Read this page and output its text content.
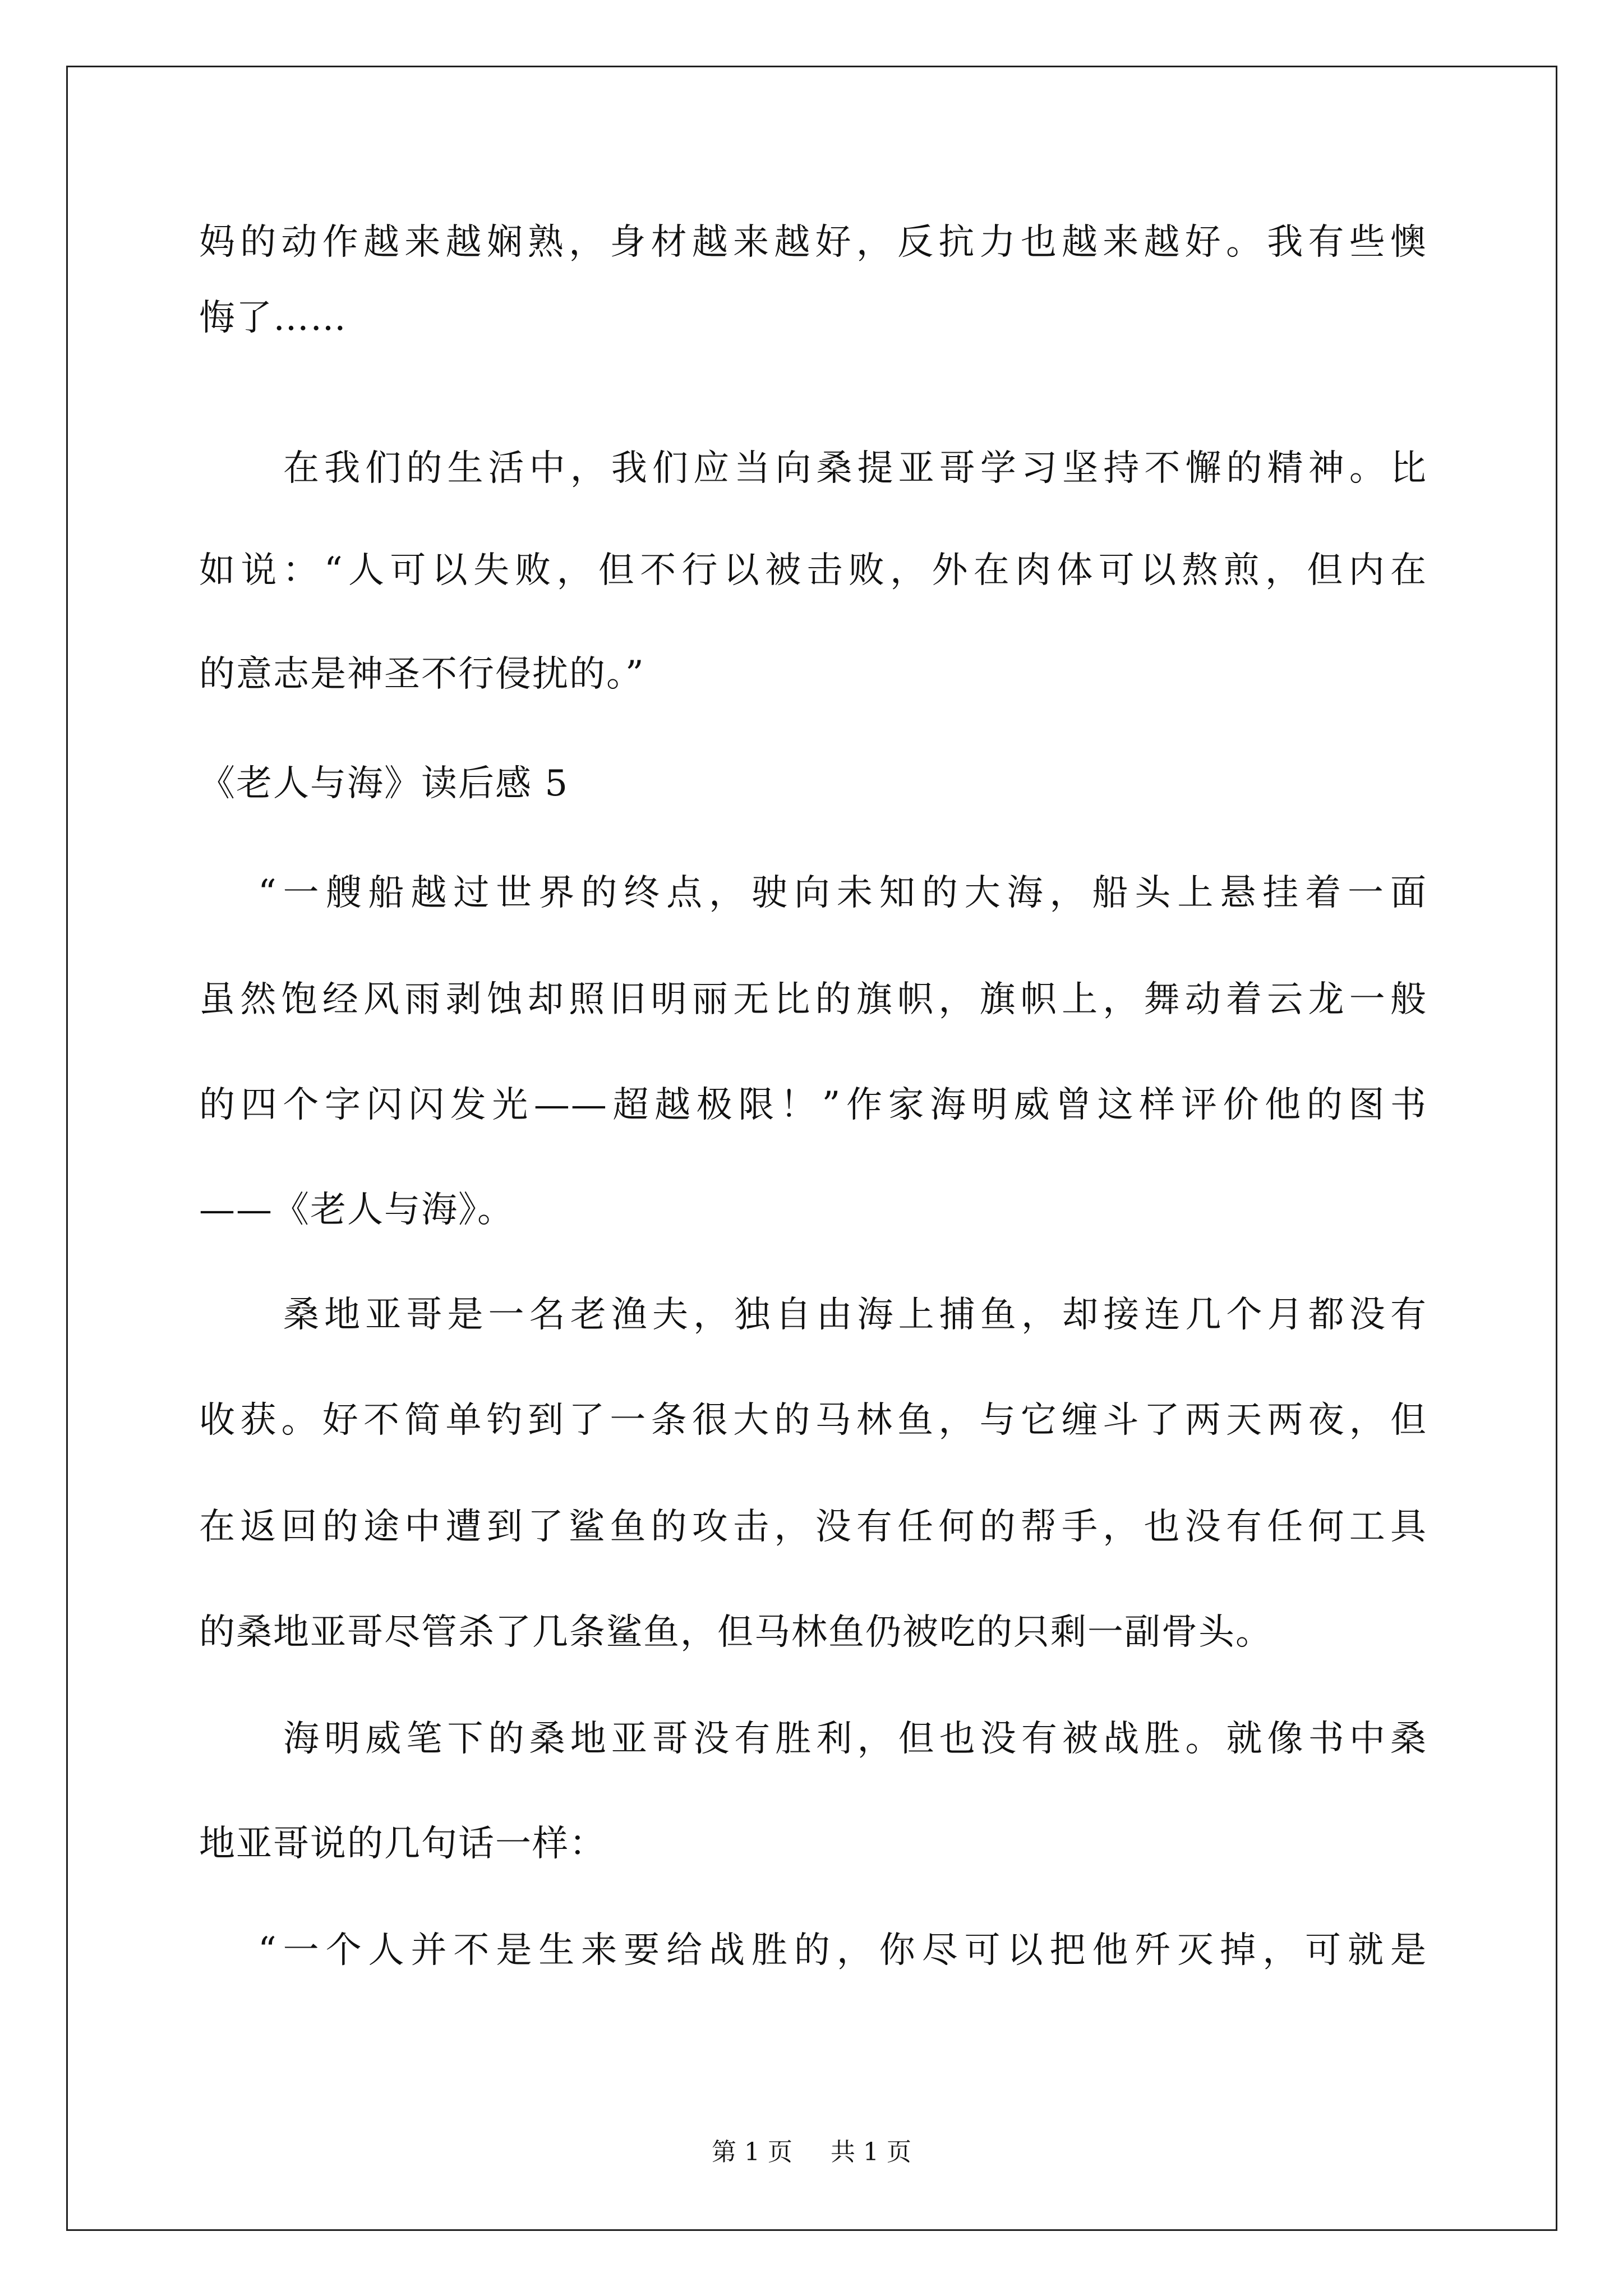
妈的动作越来越娴熟，身材越来越好，反抗力也越来越好。我有些懊
悔了……
在我们的生活中，我们应当向桑提亚哥学习坚持不懈的精神。比
如说：“人可以失败，但不行以被击败，外在肉体可以熬煎，但内在
的意志是神圣不行侵扰的。”
《老人与海》读后感 5
“一艘船越过世界的终点，驶向未知的大海，船头上悬挂着一面
虽然饱经风雨剥蚀却照旧明丽无比的旗帜，旗帜上，舞动着云龙一般
的四个字闪闪发光——超越极限！”作家海明威曾这样评价他的图书
——《老人与海》。
桑地亚哥是一名老渔夫，独自由海上捕鱼，却接连几个月都没有
收获。好不简单钓到了一条很大的马林鱼，与它缠斗了两天两夜，但
在返回的途中遭到了鲨鱼的攻击，没有任何的帮手，也没有任何工具
的桑地亚哥尽管杀了几条鲨鱼，但马林鱼仍被吃的只剩一副骨头。
海明威笔下的桑地亚哥没有胜利，但也没有被战胜。就像书中桑
地亚哥说的几句话一样：
“一个人并不是生来要给战胜的，你尽可以把他歼灭掉，可就是
第 1 页 共 1 页
